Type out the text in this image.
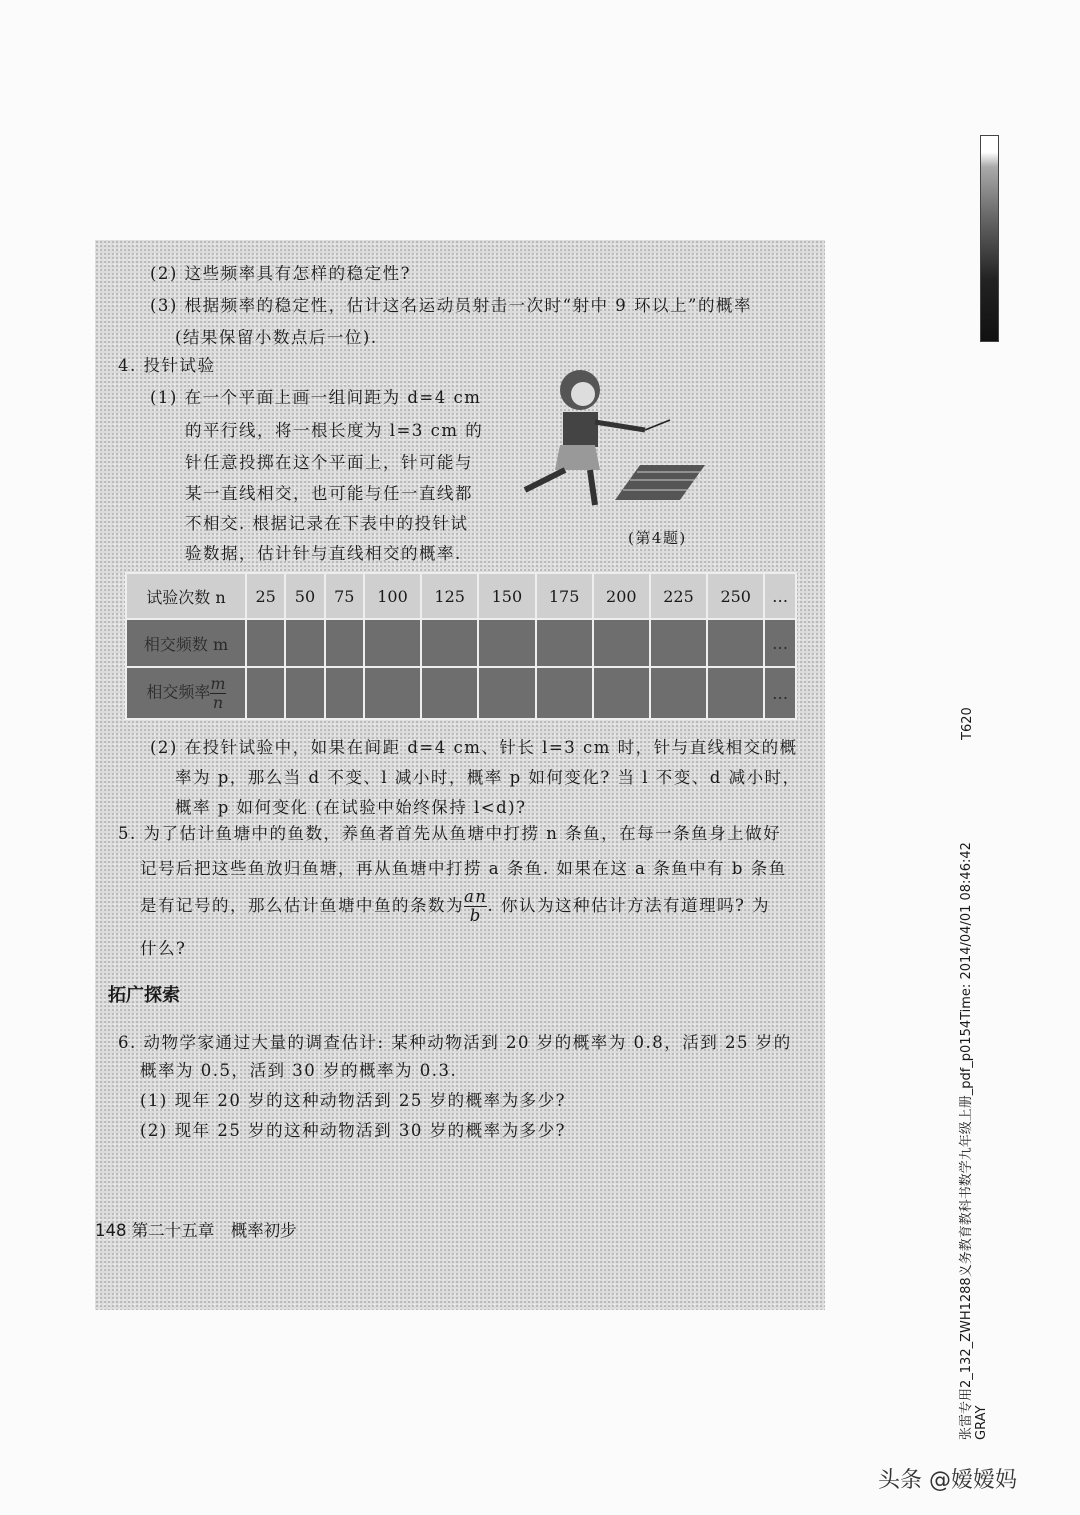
(2) 这些频率具有怎样的稳定性?
(3) 根据频率的稳定性，估计这名运动员射击一次时“射中 9 环以上”的概率
(结果保留小数点后一位).
4. 投针试验
(1) 在一个平面上画一组间距为 d=4 cm
的平行线，将一根长度为 l=3 cm 的
针任意投掷在这个平面上，针可能与
某一直线相交，也可能与任一直线都
不相交. 根据记录在下表中的投针试
验数据，估计针与直线相交的概率.
(第4题)
试验次数 n	25	50	75	100	125	150	175	200	225	250	…
相交频数 m											…
相交频率 $\frac{m}{n}$											…
(2) 在投针试验中，如果在间距 d=4 cm、针长 l=3 cm 时，针与直线相交的概
率为 p，那么当 d 不变、l 减小时，概率 p 如何变化? 当 l 不变、d 减小时，
概率 p 如何变化 (在试验中始终保持 l<d)?
5. 为了估计鱼塘中的鱼数，养鱼者首先从鱼塘中打捞 n 条鱼，在每一条鱼身上做好
记号后把这些鱼放归鱼塘，再从鱼塘中打捞 a 条鱼. 如果在这 a 条鱼中有 b 条鱼
是有记号的，那么估计鱼塘中鱼的条数为 $\frac{an}{b}$ . 你认为这种估计方法有道理吗? 为
什么?
拓广探索
6. 动物学家通过大量的调查估计: 某种动物活到 20 岁的概率为 0.8，活到 25 岁的
概率为 0.5，活到 30 岁的概率为 0.3.
(1) 现年 20 岁的这种动物活到 25 岁的概率为多少?
(2) 现年 25 岁的这种动物活到 30 岁的概率为多少?
148 第二十五章　概率初步	张雷专用2_132_ZWH1288义务教育教科书数学九年级上册_pdf_p0154Time: 2014/04/01 08:46:42
GRAY
T620
头条 @嫒嫒妈
